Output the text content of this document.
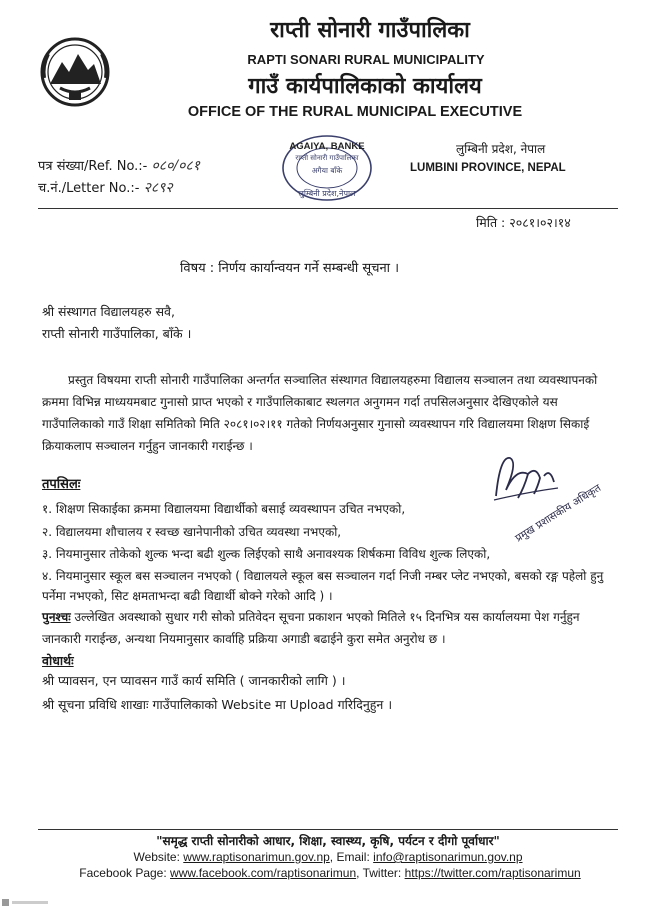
राप्ती सोनारी गाउँपालिका
RAPTI SONARI RURAL MUNICIPALITY
गाउँ कार्यपालिकाको कार्यालय
OFFICE OF THE RURAL MUNICIPAL EXECUTIVE
राप्ती सोनारी गाउँपालिका
अगैया बाँके
लुम्बिनी प्रदेश,नेपाल
AGAIYA, BANKE	लुम्बिनी प्रदेश, नेपाल
LUMBINI PROVINCE, NEPAL
पत्र संख्या/Ref. No.:- ०८०/०८१
च.नं./Letter No.:- २८९२
मिति : २०८१।०२।१४
विषय : निर्णय कार्यान्वयन गर्ने सम्बन्धी सूचना ।
श्री संस्थागत विद्यालयहरु सवै,
राप्ती सोनारी गाउँपालिका, बाँके ।
प्रस्तुत विषयमा राप्ती सोनारी गाउँपालिका अन्तर्गत सञ्चालित संस्थागत विद्यालयहरुमा विद्यालय सञ्चालन तथा व्यवस्थापनको क्रममा विभिन्न माध्ययमबाट गुनासो प्राप्त भएको र गाउँपालिकाबाट स्थलगत अनुगमन गर्दा तपसिलअनुसार देखिएकोले यस गाउँपालिकाको गाउँ शिक्षा समितिको मिति २०८१।०२।११ गतेको निर्णयअनुसार गुनासो व्यवस्थापन गरि विद्यालयमा शिक्षण सिकाई क्रियाकलाप सञ्चालन गर्नुहुन जानकारी गराईन्छ ।
तपसिलः
१. शिक्षण सिकाईका क्रममा विद्यालयमा विद्यार्थीको बसाई व्यवस्थापन उचित नभएको,
२. विद्यालयमा शौचालय र स्वच्छ खानेपानीको उचित व्यवस्था नभएको,
३. नियमानुसार तोकेको शुल्क भन्दा बढी शुल्क लिईएको साथै अनावश्यक शिर्षकमा विविध शुल्क लिएको,
४. नियमानुसार स्कूल बस सञ्चालन नभएको ( विद्यालयले स्कूल बस सञ्चालन गर्दा निजी नम्बर प्लेट नभएको, बसको रङ्ग पहेलो हुनु पर्नेमा नभएको, सिट क्षमताभन्दा बढी विद्यार्थी बोक्ने गरेको आदि ) ।
पुनश्चः उल्लेखित अवस्थाको सुधार गरी सोको प्रतिवेदन सूचना प्रकाशन भएको मितिले १५ दिनभित्र यस कार्यालयमा पेश गर्नुहुन जानकारी गराईन्छ, अन्यथा नियमानुसार कार्वाहि प्रक्रिया अगाडी बढाईने कुरा समेत अनुरोध छ ।
वोधार्थः
श्री प्यावसन, एन प्यावसन गाउँ कार्य समिति ( जानकारीको लागि ) ।
श्री सूचना प्रविधि शाखाः गाउँपालिकाको Website मा Upload गरिदिनुहुन ।
प्रमुख प्रशासकीय अधिकृत
"समृद्ध राप्ती सोनारीको आधार, शिक्षा, स्वास्थ्य, कृषि, पर्यटन र दीगो पूर्वाधार"
Website: www.raptisonarimun.gov.np, Email: info@raptisonarimun.gov.np
Facebook Page: www.facebook.com/raptisonarimun, Twitter: https://twitter.com/raptisonarimun
